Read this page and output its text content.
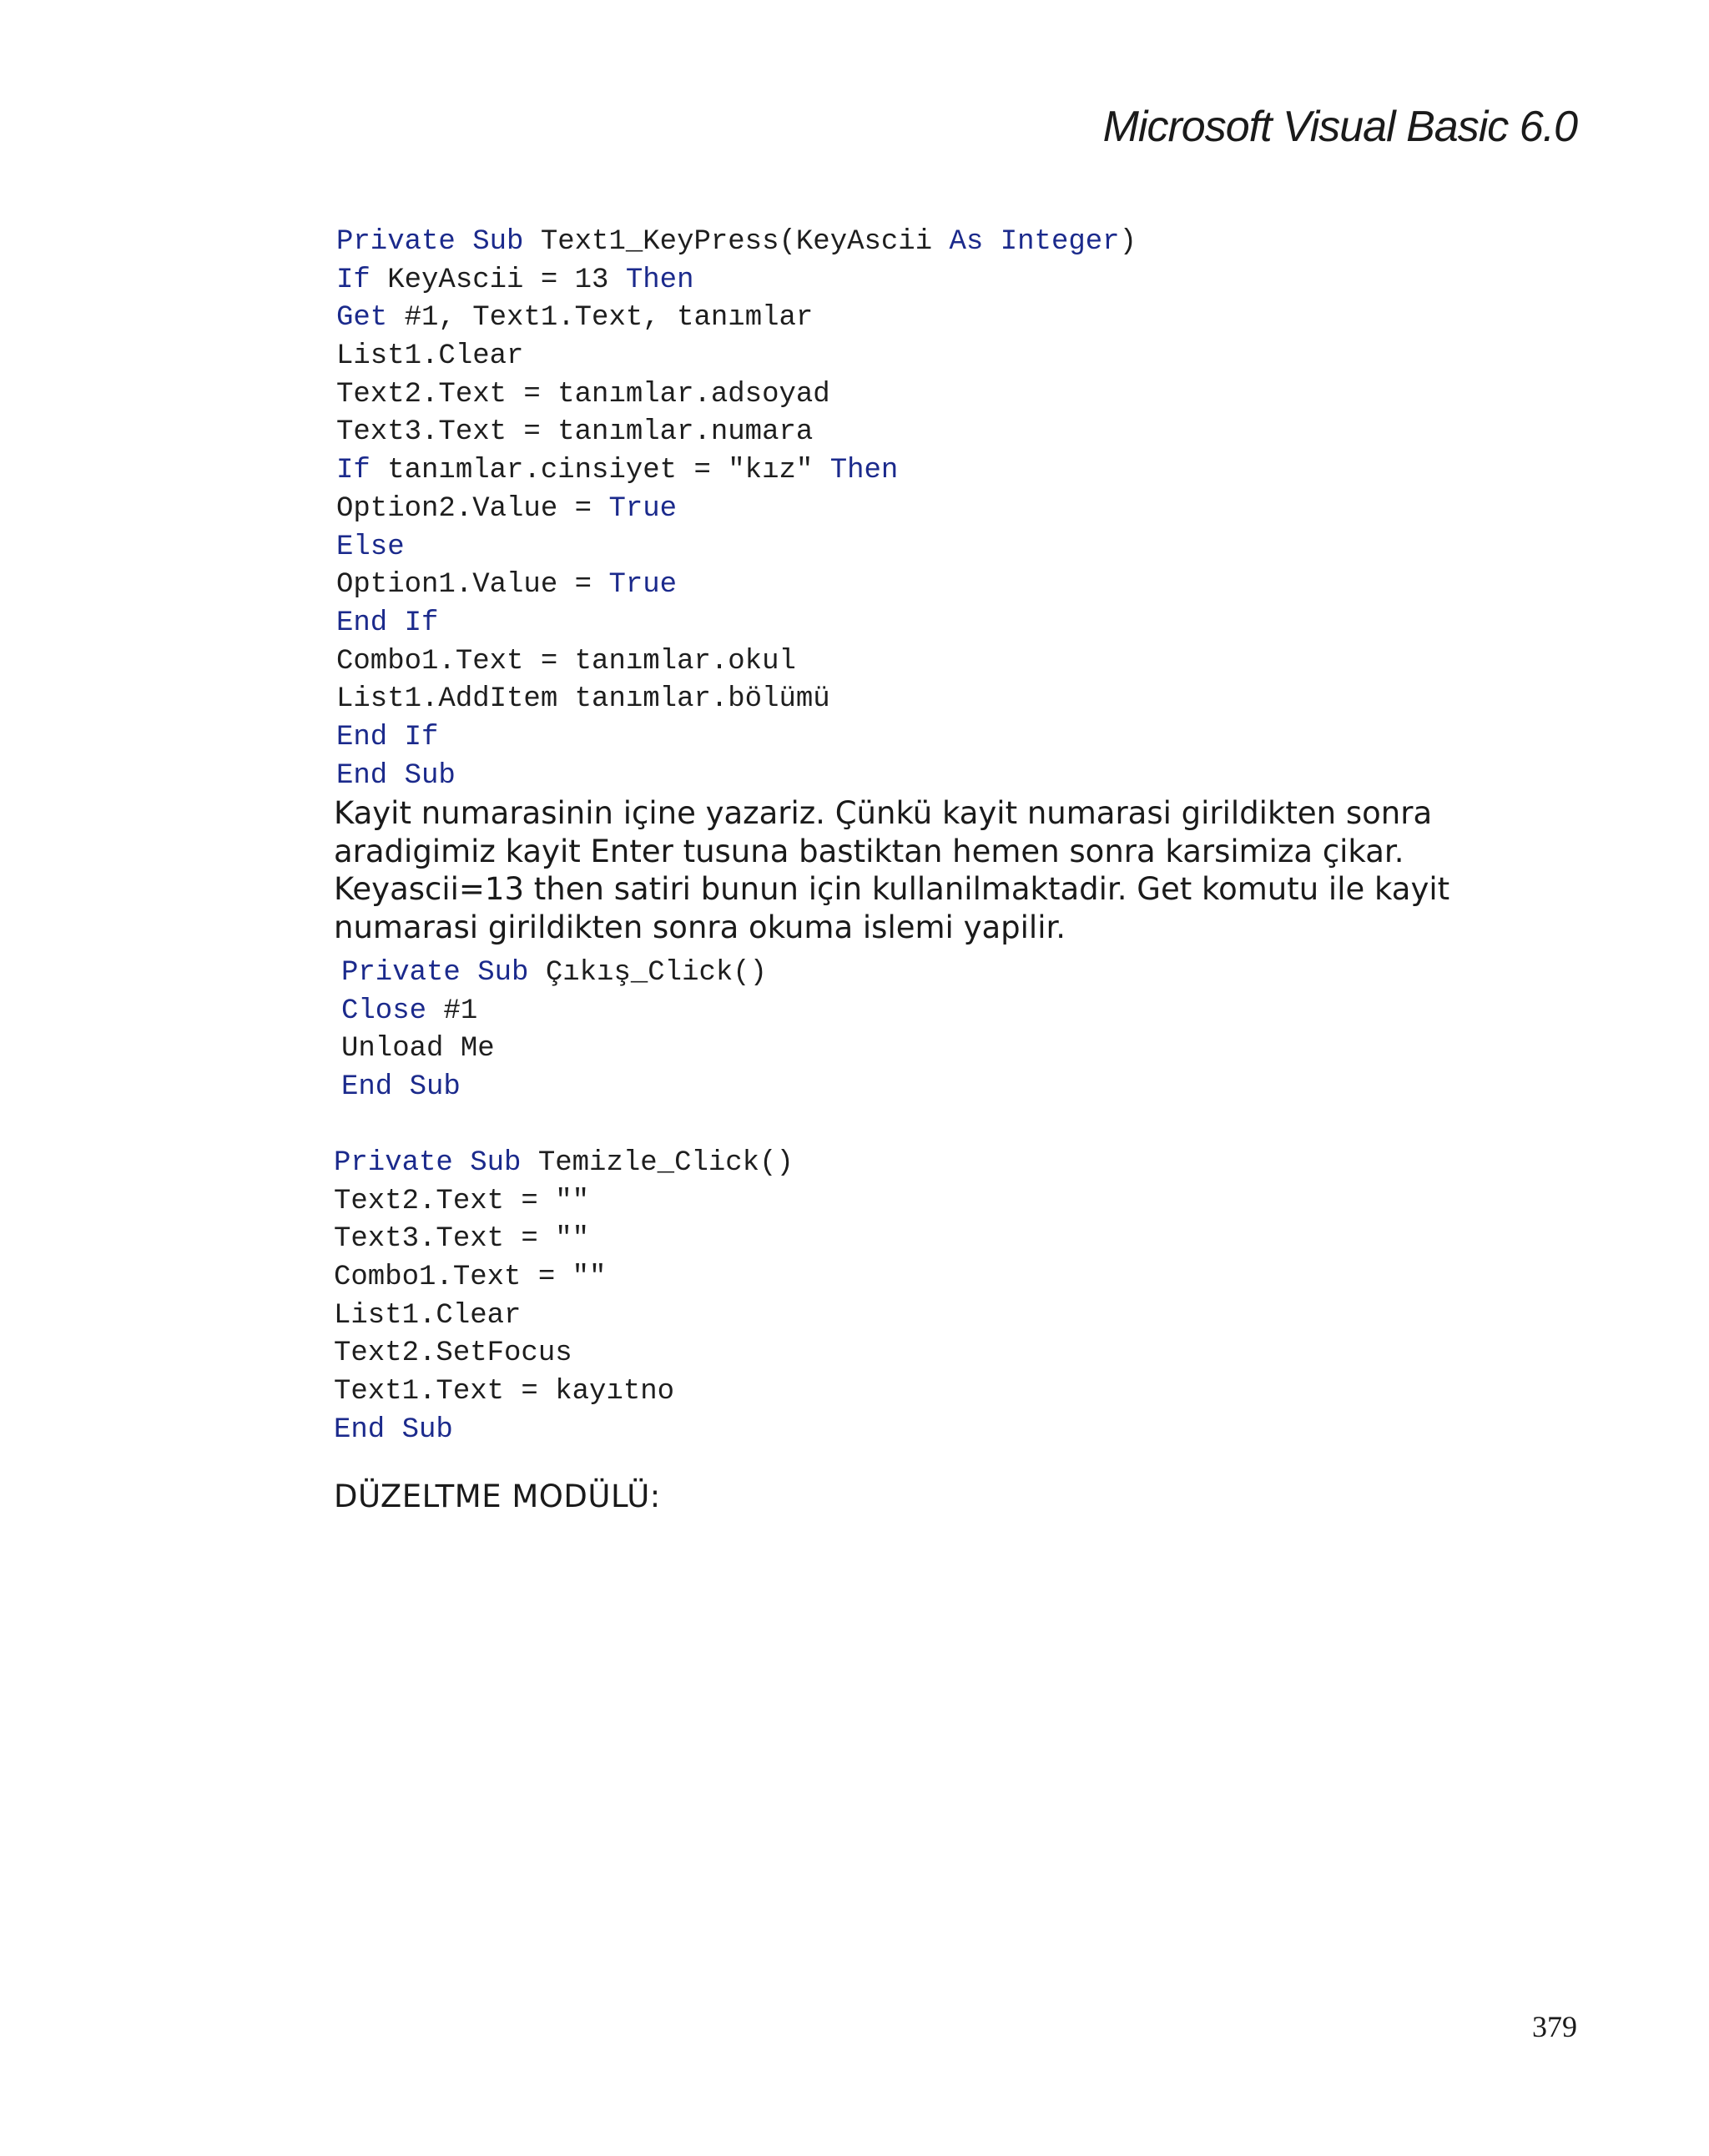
Microsoft Visual Basic 6.0
Private Sub Text1_KeyPress(KeyAscii As Integer)
If KeyAscii = 13 Then
Get #1, Text1.Text, tanımlar
List1.Clear
Text2.Text = tanımlar.adsoyad
Text3.Text = tanımlar.numara
If tanımlar.cinsiyet = "kız" Then
Option2.Value = True
Else
Option1.Value = True
End If
Combo1.Text = tanımlar.okul
List1.AddItem tanımlar.bölümü
End If
End Sub

Kayit numarasinin içine yazariz. Çünkü kayit numarasi girildikten sonra aradigimiz kayit Enter tusuna bastiktan hemen sonra karsimiza çikar. Keyascii=13 then satiri bunun için kullanilmaktadir. Get komutu ile kayit numarasi girildikten sonra okuma islemi yapilir.

Private Sub Çıkış_Click()
Close #1
Unload Me
End Sub
Private Sub Temizle_Click()
Text2.Text = ""
Text3.Text = ""
Combo1.Text = ""
List1.Clear
Text2.SetFocus
Text1.Text = kayıtno
End Sub
DÜZELTME MODÜLÜ:
379
